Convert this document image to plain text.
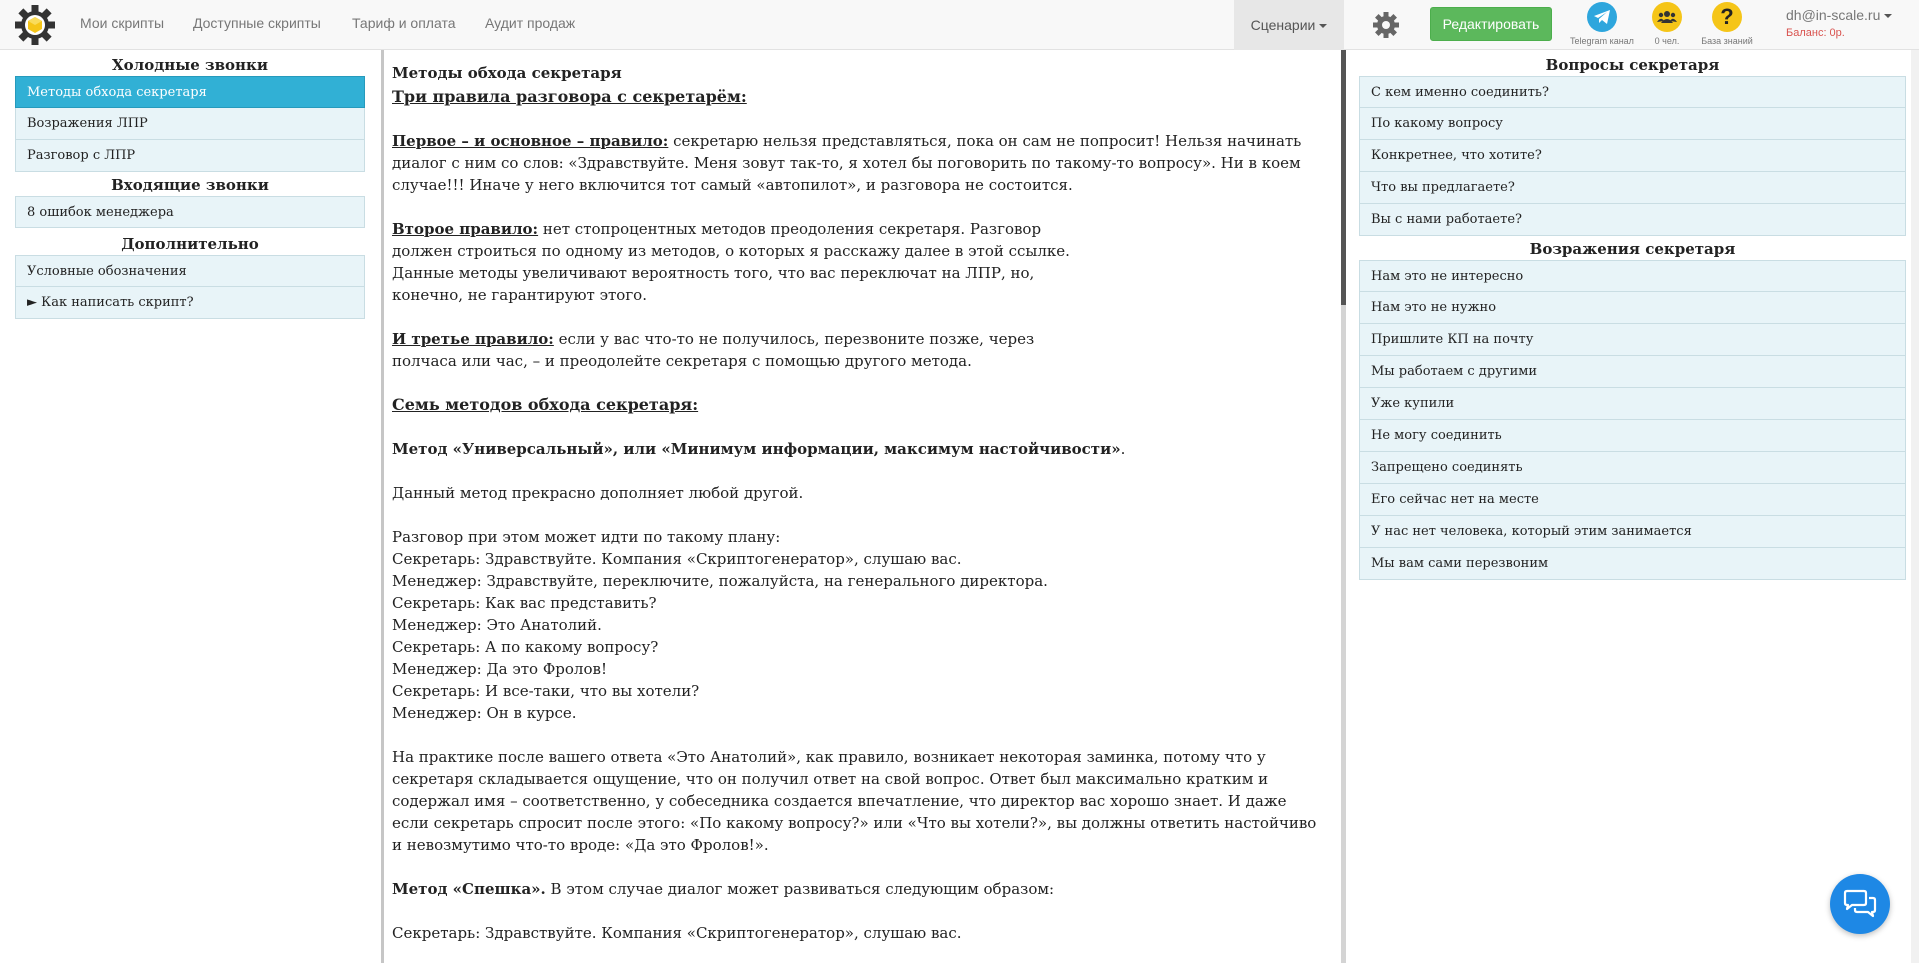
Мои скрипты Доступные скрипты Тариф и оплата Аудит продаж	Сценарии	Редактировать
Telegram канал	0 чел.
?
База знаний
dh@in-scale.ru
Баланс: 0р.
Холодные звонки
Методы обхода секретаря
Возражения ЛПР
Разговор с ЛПР
Входящие звонки
8 ошибок менеджера
Дополнительно
Условные обозначения
► Как написать скрипт?
Методы обхода секретаря

Три правила разговора с секретарём:

Первое – и основное – правило: секретарю нельзя представляться, пока он сам не попросит! Нельзя начинать диалог с ним со слов: «Здравствуйте. Меня зовут так-то, я хотел бы поговорить по такому-то вопросу». Ни в коем случае!!! Иначе у него включится тот самый «автопилот», и разговора не состоится.

Второе правило: нет стопроцентных методов преодоления секретаря. Разговор

должен строиться по одному из методов, о которых я расскажу далее в этой ссылке.

Данные методы увеличивают вероятность того, что вас переключат на ЛПР, но,

конечно, не гарантируют этого.

И третье правило: если у вас что-то не получилось, перезвоните позже, через

полчаса или час, – и преодолейте секретаря с помощью другого метода.

Семь методов обхода секретаря:

Метод «Универсальный», или «Минимум информации, максимум настойчивости».

Данный метод прекрасно дополняет любой другой.

Разговор при этом может идти по такому плану:

Секретарь: Здравствуйте. Компания «Скриптогенератор», слушаю вас.

Менеджер: Здравствуйте, переключите, пожалуйста, на генерального директора.

Секретарь: Как вас представить?

Менеджер: Это Анатолий.

Секретарь: А по какому вопросу?

Менеджер: Да это Фролов!

Секретарь: И все-таки, что вы хотели?

Менеджер: Он в курсе.

На практике после вашего ответа «Это Анатолий», как правило, возникает некоторая заминка, потому что у секретаря складывается ощущение, что он получил ответ на свой вопрос. Ответ был максимально кратким и содержал имя – соответственно, у собеседника создается впечатление, что директор вас хорошо знает. И даже если секретарь спросит после этого: «По какому вопросу?» или «Что вы хотели?», вы должны ответить настойчиво и невозмутимо что-то вроде: «Да это Фролов!».

Метод «Спешка». В этом случае диалог может развиваться следующим образом:

Секретарь: Здравствуйте. Компания «Скриптогенератор», слушаю вас.

Вопросы секретаря
С кем именно соединить?
По какому вопросу
Конкретнее, что хотите?
Что вы предлагаете?
Вы с нами работаете?
Возражения секретаря
Нам это не интересно
Нам это не нужно
Пришлите КП на почту
Мы работаем с другими
Уже купили
Не могу соединить
Запрещено соединять
Его сейчас нет на месте
У нас нет человека, который этим занимается
Мы вам сами перезвоним
